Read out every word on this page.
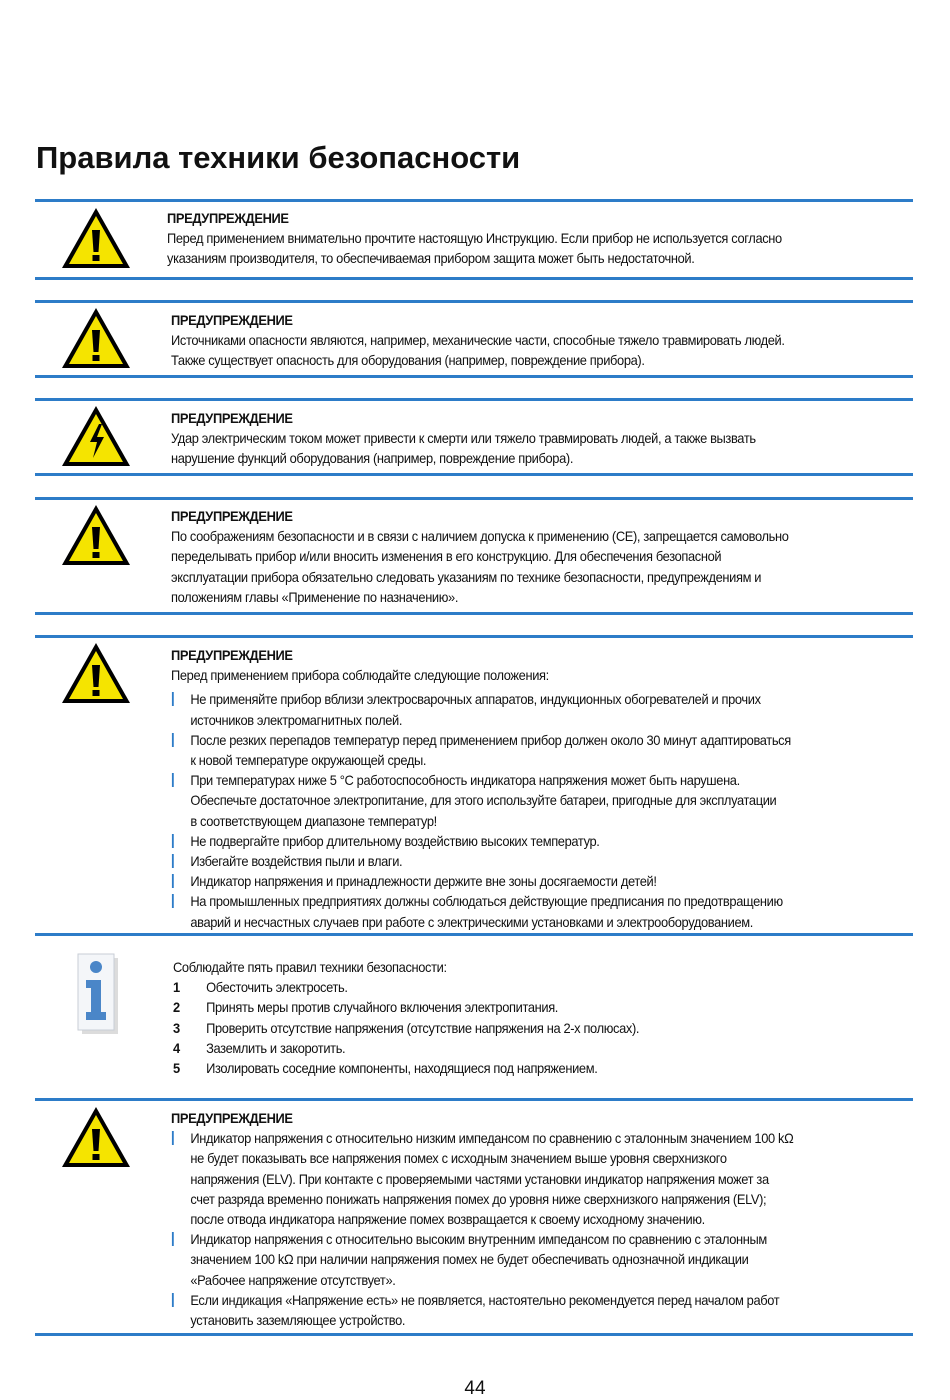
Правила техники безопасности
ПРЕДУПРЕЖДЕНИЕ
Перед применением внимательно прочтите настоящую Инструкцию. Если прибор не используется согласно
указаниям производителя, то обеспечиваемая прибором защита может быть недостаточной.
ПРЕДУПРЕЖДЕНИЕ
Источниками опасности являются, например, механические части, способные тяжело травмировать людей.
Также существует опасность для оборудования (например, повреждение прибора).
ПРЕДУПРЕЖДЕНИЕ
Удар электрическим током может привести к смерти или тяжело травмировать людей, а также вызвать
нарушение функций оборудования (например, повреждение прибора).
ПРЕДУПРЕЖДЕНИЕ
По соображениям безопасности и в связи с наличием допуска к применению (CE), запрещается самовольно
переделывать прибор и/или вносить изменения в его конструкцию. Для обеспечения безопасной
эксплуатации прибора обязательно следовать указаниям по технике безопасности, предупреждениям и
положениям главы «Применение по назначению».
ПРЕДУПРЕЖДЕНИЕ
Перед применением прибора соблюдайте следующие положения:
Не применяйте прибор вблизи электросварочных аппаратов, индукционных обогревателей и прочих
источников электромагнитных полей.
После резких перепадов температур перед применением прибор должен около 30 минут адаптироваться
к новой температуре окружающей среды.
При температурах ниже 5 °C работоспособность индикатора напряжения может быть нарушена.
Обеспечьте достаточное электропитание, для этого используйте батареи, пригодные для эксплуатации
в соответствующем диапазоне температур!
Не подвергайте прибор длительному воздействию высоких температур.
Избегайте воздействия пыли и влаги.
Индикатор напряжения и принадлежности держите вне зоны досягаемости детей!
На промышленных предприятиях должны соблюдаться действующие предписания по предотвращению
аварий и несчастных случаев при работе с электрическими установками и электрооборудованием.
Соблюдайте пять правил техники безопасности:
1 Обесточить электросеть.
2 Принять меры против случайного включения электропитания.
3 Проверить отсутствие напряжения (отсутствие напряжения на 2-х полюсах).
4 Заземлить и закоротить.
5 Изолировать соседние компоненты, находящиеся под напряжением.
ПРЕДУПРЕЖДЕНИЕ
Индикатор напряжения с относительно низким импедансом по сравнению с эталонным значением 100 kΩ
не будет показывать все напряжения помех с исходным значением выше уровня сверхнизкого
напряжения (ELV). При контакте с проверяемыми частями установки индикатор напряжения может за
счет разряда временно понижать напряжения помех до уровня ниже сверхнизкого напряжения (ELV);
после отвода индикатора напряжение помех возвращается к своему исходному значению.
Индикатор напряжения с относительно высоким внутренним импедансом по сравнению с эталонным
значением 100 kΩ при наличии напряжения помех не будет обеспечивать однозначной индикации
«Рабочее напряжение отсутствует».
Если индикация «Напряжение есть» не появляется, настоятельно рекомендуется перед началом работ
установить заземляющее устройство.
44
